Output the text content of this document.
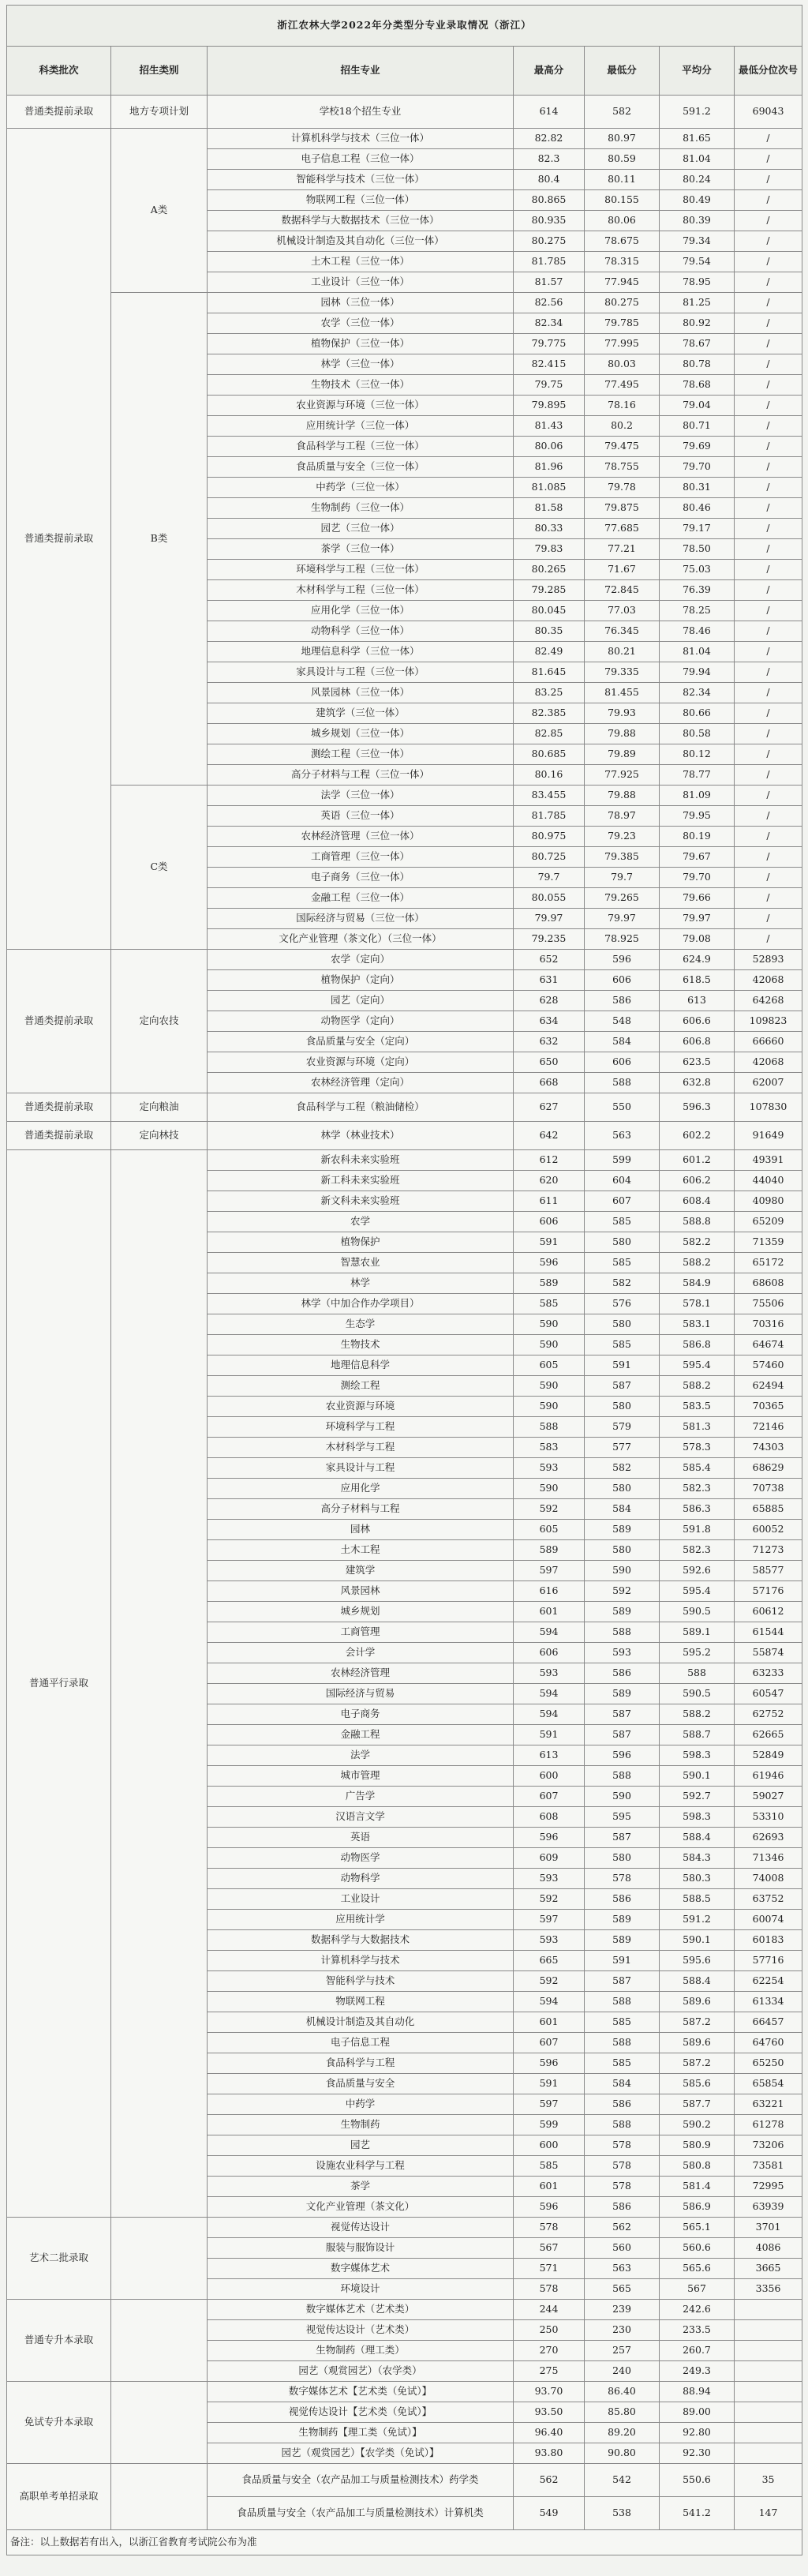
浙江农林大学2022年分类型分专业录取情况（浙江）						
科类批次	招生类别	招生专业	最高分	最低分	平均分	最低分位次号
普通类提前录取	地方专项计划	学校18个招生专业	614	582	591.2	69043
普通类提前录取	A类	计算机科学与技术（三位一体）	82.82	80.97	81.65	/
		电子信息工程（三位一体）	82.3	80.59	81.04	/
		智能科学与技术（三位一体）	80.4	80.11	80.24	/
		物联网工程（三位一体）	80.865	80.155	80.49	/
		数据科学与大数据技术（三位一体）	80.935	80.06	80.39	/
		机械设计制造及其自动化（三位一体）	80.275	78.675	79.34	/
		土木工程（三位一体）	81.785	78.315	79.54	/
		工业设计（三位一体）	81.57	77.945	78.95	/
	B类	园林（三位一体）	82.56	80.275	81.25	/
		农学（三位一体）	82.34	79.785	80.92	/
		植物保护（三位一体）	79.775	77.995	78.67	/
		林学（三位一体）	82.415	80.03	80.78	/
		生物技术（三位一体）	79.75	77.495	78.68	/
		农业资源与环境（三位一体）	79.895	78.16	79.04	/
		应用统计学（三位一体）	81.43	80.2	80.71	/
		食品科学与工程（三位一体）	80.06	79.475	79.69	/
		食品质量与安全（三位一体）	81.96	78.755	79.70	/
		中药学（三位一体）	81.085	79.78	80.31	/
		生物制药（三位一体）	81.58	79.875	80.46	/
		园艺（三位一体）	80.33	77.685	79.17	/
		茶学（三位一体）	79.83	77.21	78.50	/
		环境科学与工程（三位一体）	80.265	71.67	75.03	/
		木材科学与工程（三位一体）	79.285	72.845	76.39	/
		应用化学（三位一体）	80.045	77.03	78.25	/
		动物科学（三位一体）	80.35	76.345	78.46	/
		地理信息科学（三位一体）	82.49	80.21	81.04	/
		家具设计与工程（三位一体）	81.645	79.335	79.94	/
		风景园林（三位一体）	83.25	81.455	82.34	/
		建筑学（三位一体）	82.385	79.93	80.66	/
		城乡规划（三位一体）	82.85	79.88	80.58	/
		测绘工程（三位一体）	80.685	79.89	80.12	/
		高分子材料与工程（三位一体）	80.16	77.925	78.77	/
	C类	法学（三位一体）	83.455	79.88	81.09	/
		英语（三位一体）	81.785	78.97	79.95	/
		农林经济管理（三位一体）	80.975	79.23	80.19	/
		工商管理（三位一体）	80.725	79.385	79.67	/
		电子商务（三位一体）	79.7	79.7	79.70	/
		金融工程（三位一体）	80.055	79.265	79.66	/
		国际经济与贸易（三位一体）	79.97	79.97	79.97	/
		文化产业管理（茶文化）（三位一体）	79.235	78.925	79.08	/
普通类提前录取	定向农技	农学（定向）	652	596	624.9	52893
		植物保护（定向）	631	606	618.5	42068
		园艺（定向）	628	586	613	64268
		动物医学（定向）	634	548	606.6	109823
		食品质量与安全（定向）	632	584	606.8	66660
		农业资源与环境（定向）	650	606	623.5	42068
		农林经济管理（定向）	668	588	632.8	62007
普通类提前录取	定向粮油	食品科学与工程（粮油储检）	627	550	596.3	107830
普通类提前录取	定向林技	林学（林业技术）	642	563	602.2	91649
普通平行录取		新农科未来实验班	612	599	601.2	49391
		新工科未来实验班	620	604	606.2	44040
		新文科未来实验班	611	607	608.4	40980
		农学	606	585	588.8	65209
		植物保护	591	580	582.2	71359
		智慧农业	596	585	588.2	65172
		林学	589	582	584.9	68608
		林学（中加合作办学项目）	585	576	578.1	75506
		生态学	590	580	583.1	70316
		生物技术	590	585	586.8	64674
		地理信息科学	605	591	595.4	57460
		测绘工程	590	587	588.2	62494
		农业资源与环境	590	580	583.5	70365
		环境科学与工程	588	579	581.3	72146
		木材科学与工程	583	577	578.3	74303
		家具设计与工程	593	582	585.4	68629
		应用化学	590	580	582.3	70738
		高分子材料与工程	592	584	586.3	65885
		园林	605	589	591.8	60052
		土木工程	589	580	582.3	71273
		建筑学	597	590	592.6	58577
		风景园林	616	592	595.4	57176
		城乡规划	601	589	590.5	60612
		工商管理	594	588	589.1	61544
		会计学	606	593	595.2	55874
		农林经济管理	593	586	588	63233
		国际经济与贸易	594	589	590.5	60547
		电子商务	594	587	588.2	62752
		金融工程	591	587	588.7	62665
		法学	613	596	598.3	52849
		城市管理	600	588	590.1	61946
		广告学	607	590	592.7	59027
		汉语言文学	608	595	598.3	53310
		英语	596	587	588.4	62693
		动物医学	609	580	584.3	71346
		动物科学	593	578	580.3	74008
		工业设计	592	586	588.5	63752
		应用统计学	597	589	591.2	60074
		数据科学与大数据技术	593	589	590.1	60183
		计算机科学与技术	665	591	595.6	57716
		智能科学与技术	592	587	588.4	62254
		物联网工程	594	588	589.6	61334
		机械设计制造及其自动化	601	585	587.2	66457
		电子信息工程	607	588	589.6	64760
		食品科学与工程	596	585	587.2	65250
		食品质量与安全	591	584	585.6	65854
		中药学	597	586	587.7	63221
		生物制药	599	588	590.2	61278
		园艺	600	578	580.9	73206
		设施农业科学与工程	585	578	580.8	73581
		茶学	601	578	581.4	72995
		文化产业管理（茶文化）	596	586	586.9	63939
艺术二批录取		视觉传达设计	578	562	565.1	3701
		服装与服饰设计	567	560	560.6	4086
		数字媒体艺术	571	563	565.6	3665
		环境设计	578	565	567	3356
普通专升本录取		数字媒体艺术（艺术类）	244	239	242.6	
		视觉传达设计（艺术类）	250	230	233.5	
		生物制药（理工类）	270	257	260.7	
		园艺（观赏园艺）（农学类）	275	240	249.3	
免试专升本录取		数字媒体艺术【艺术类（免试）】	93.70	86.40	88.94	
		视觉传达设计【艺术类（免试）】	93.50	85.80	89.00	
		生物制药【理工类（免试）】	96.40	89.20	92.80	
		园艺（观赏园艺）【农学类（免试）】	93.80	90.80	92.30	
高职单考单招录取		食品质量与安全（农产品加工与质量检测技术）药学类	562	542	550.6	35
		食品质量与安全（农产品加工与质量检测技术）计算机类	549	538	541.2	147
备注：以上数据若有出入，以浙江省教育考试院公布为准						
